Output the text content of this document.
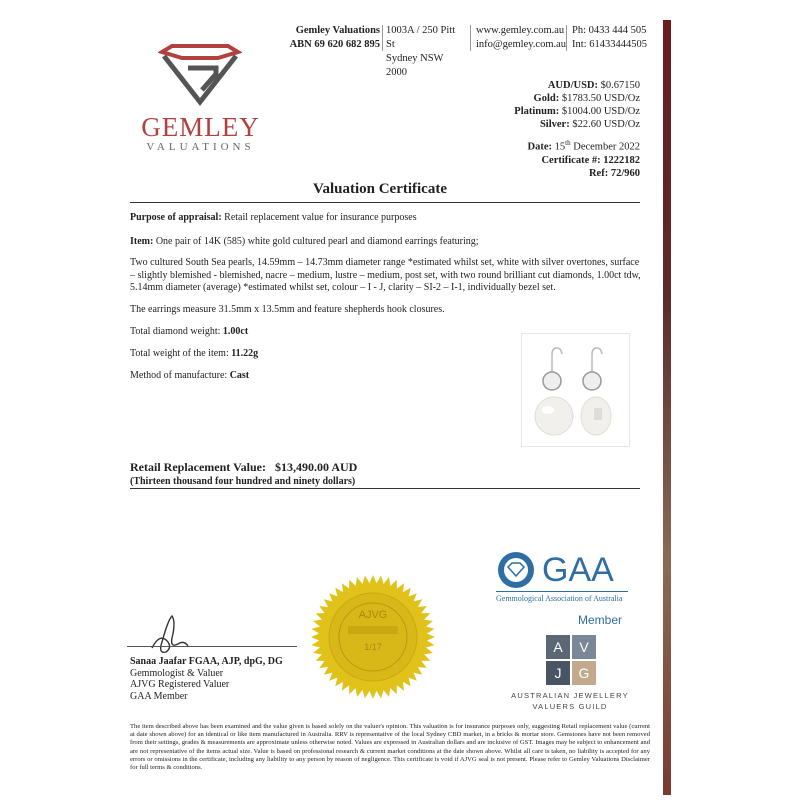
Gemley Valuations
ABN 69 620 682 895
1003A / 250 Pitt St
Sydney NSW 2000
www.gemley.com.au
info@gemley.com.au
Ph: 0433 444 505
Int: 61433444505
GEMLEY
VALUATIONS
AUD/USD: $0.67150
Gold: $1783.50 USD/Oz
Platinum: $1004.00 USD/Oz
Silver: $22.60 USD/Oz
Date: 15th December 2022
Certificate #: 1222182
Ref: 72/960
Valuation Certificate
Purpose of appraisal: Retail replacement value for insurance purposes
Item: One pair of 14K (585) white gold cultured pearl and diamond earrings featuring;
Two cultured South Sea pearls, 14.59mm – 14.73mm diameter range *estimated whilst set, white with silver overtones, surface – slightly blemished - blemished, nacre – medium, lustre – medium, post set, with two round brilliant cut diamonds, 1.00ct tdw, 5.14mm diameter (average) *estimated whilst set, colour – I - J, clarity – SI-2 – I-1, individually bezel set.
The earrings measure 31.5mm x 13.5mm and feature shepherds hook closures.
Total diamond weight: 1.00ct
Total weight of the item: 11.22g
Method of manufacture: Cast
Retail Replacement Value: $13,490.00 AUD
(Thirteen thousand four hundred and ninety dollars)
Sanaa Jaafar FGAA, AJP, dpG, DG
Gemmologist & Valuer
AJVG Registered Valuer
GAA Member
AJVG
1/17
GAA
Gemmological Association of Australia
Member
A	V
J	G
AUSTRALIAN JEWELLERY
VALUERS GUILD
The item described above has been examined and the value given is based solely on the valuer's opinion. This valuation is for insurance purposes only, suggesting Retail replacement value (current at date shown above) for an identical or like item manufactured in Australia. RRV is representative of the local Sydney CBD market, in a bricks & mortar store. Gemstones have not been removed from their settings, grades & measurements are approximate unless otherwise noted. Values are expressed in Australian dollars and are inclusive of GST. Images may be subject to enhancement and are not representative of the items actual size. Value is based on professional research & current market conditions at the date shown above. Whilst all care is taken, no liability is accepted for any errors or omissions in the certificate, including any liability to any person by reason of negligence. This certificate is void if AJVG seal is not present. Please refer to Gemley Valuations Disclaimer for full terms & conditions.
